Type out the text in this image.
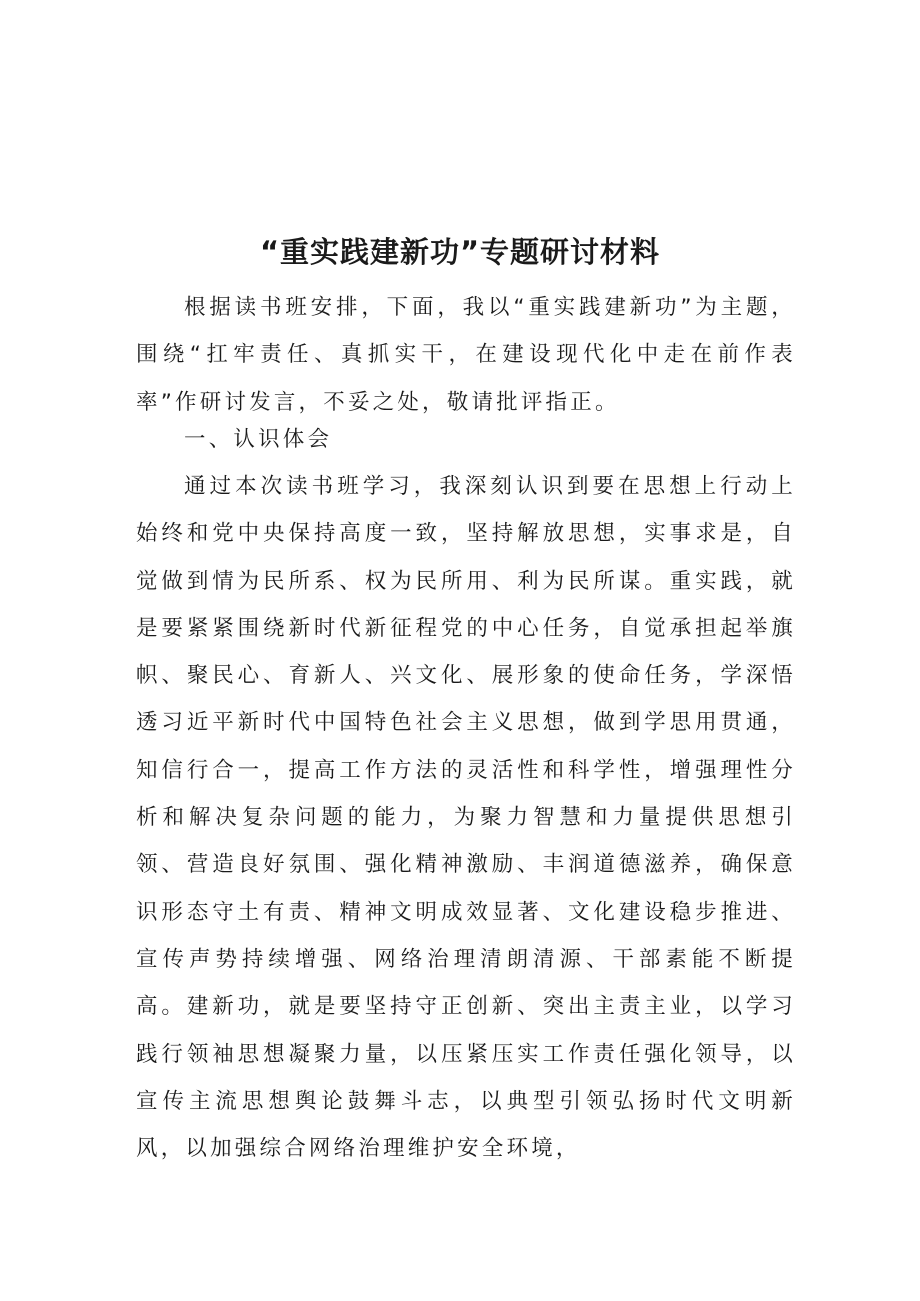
“重实践建新功”专题研讨材料

根据读书班安排，下面，我以“重实践建新功”为主题，围绕“扛牢责任、真抓实干，在建设现代化中走在前作表率”作研讨发言，不妥之处，敬请批评指正。

一、认识体会

通过本次读书班学习，我深刻认识到要在思想上行动上始终和党中央保持高度一致，坚持解放思想，实事求是，自觉做到情为民所系、权为民所用、利为民所谋。重实践，就是要紧紧围绕新时代新征程党的中心任务，自觉承担起举旗帜、聚民心、育新人、兴文化、展形象的使命任务，学深悟透习近平新时代中国特色社会主义思想，做到学思用贯通，知信行合一，提高工作方法的灵活性和科学性，增强理性分析和解决复杂问题的能力，为聚力智慧和力量提供思想引领、营造良好氛围、强化精神激励、丰润道德滋养，确保意识形态守土有责、精神文明成效显著、文化建设稳步推进、宣传声势持续增强、网络治理清朗清源、干部素能不断提高。建新功，就是要坚持守正创新、突出主责主业，以学习践行领袖思想凝聚力量，以压紧压实工作责任强化领导，以宣传主流思想舆论鼓舞斗志，以典型引领弘扬时代文明新风，以加强综合网络治理维护安全环境，
